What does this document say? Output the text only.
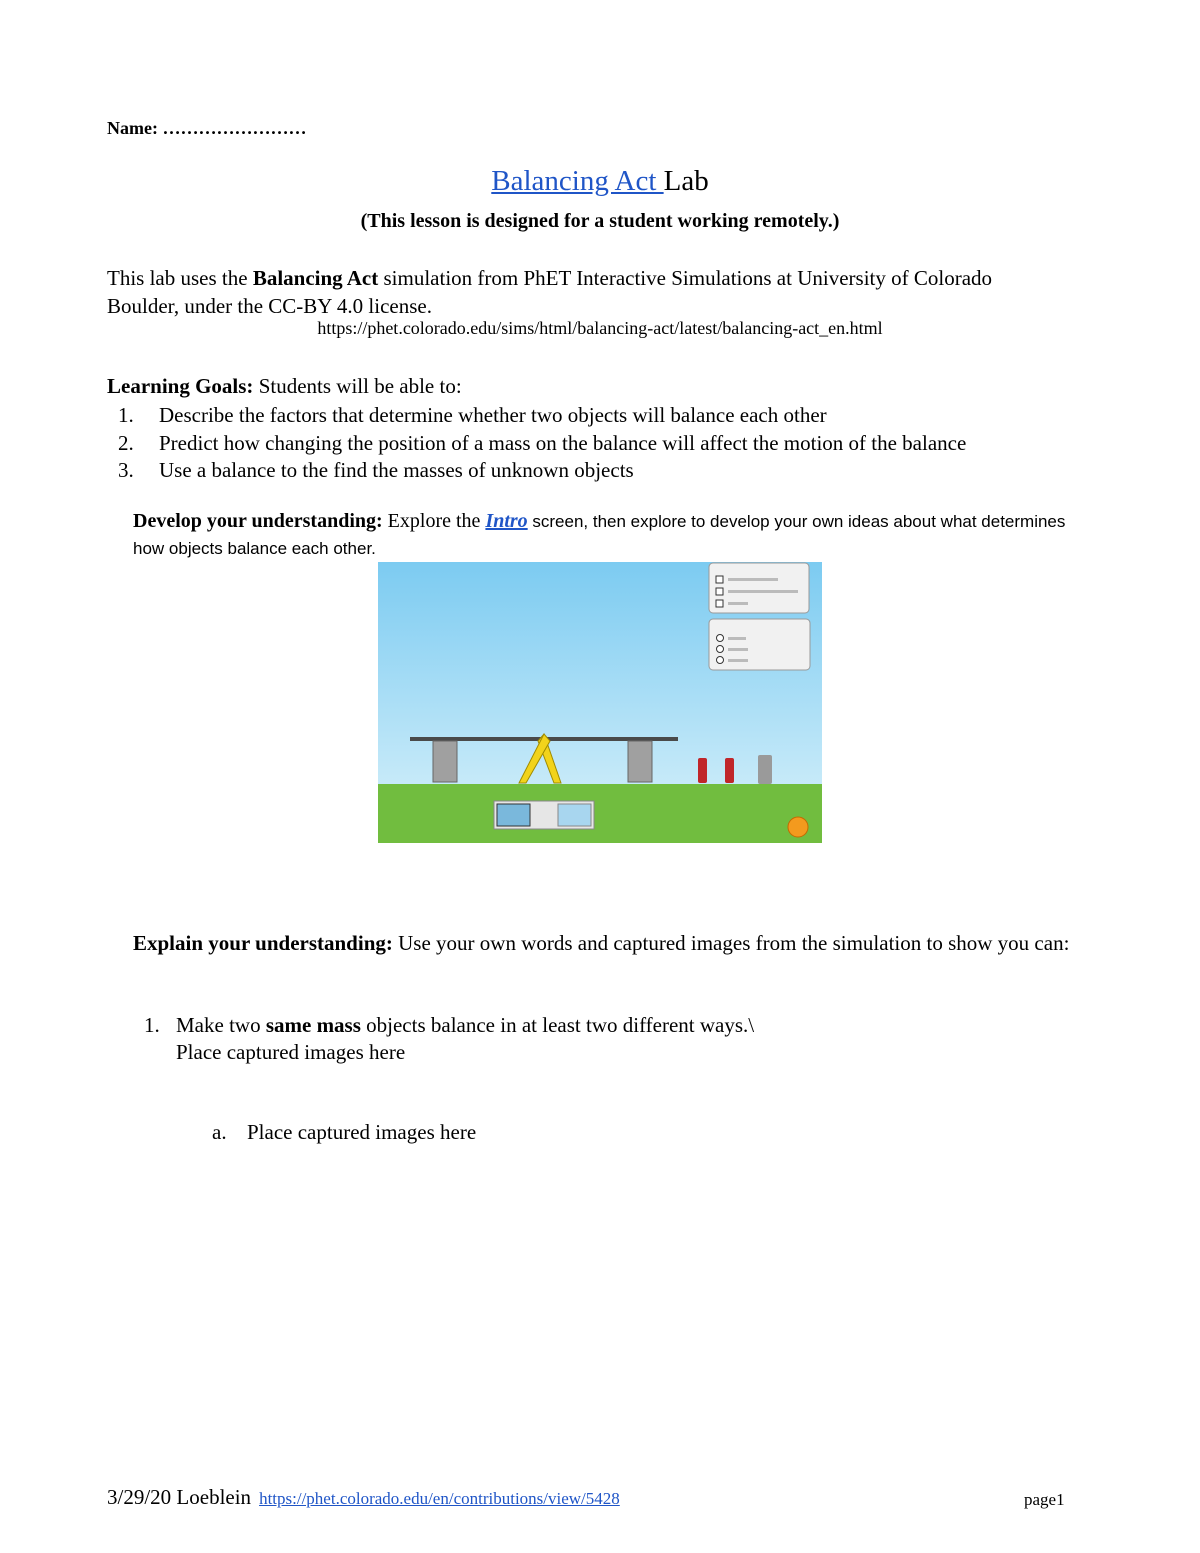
Name: ……………………
Balancing Act Lab
(This lesson is designed for a student working remotely.)
This lab uses the Balancing Act simulation from PhET Interactive Simulations at University of Colorado Boulder, under the CC-BY 4.0 license.
https://phet.colorado.edu/sims/html/balancing-act/latest/balancing-act_en.html
Learning Goals: Students will be able to:
1. Describe the factors that determine whether two objects will balance each other
2. Predict how changing the position of a mass on the balance will affect the motion of the balance
3. Use a balance to the find the masses of unknown objects
Develop your understanding: Explore the Intro screen, then explore to develop your own ideas about what determines how objects balance each other.
Explain your understanding: Use your own words and captured images from the simulation to show you can:
1. Make two same mass objects balance in at least two different ways.\
Place captured images here
a. Place captured images here
3/29/20 Loeblein https://phet.colorado.edu/en/contributions/view/5428	page1
